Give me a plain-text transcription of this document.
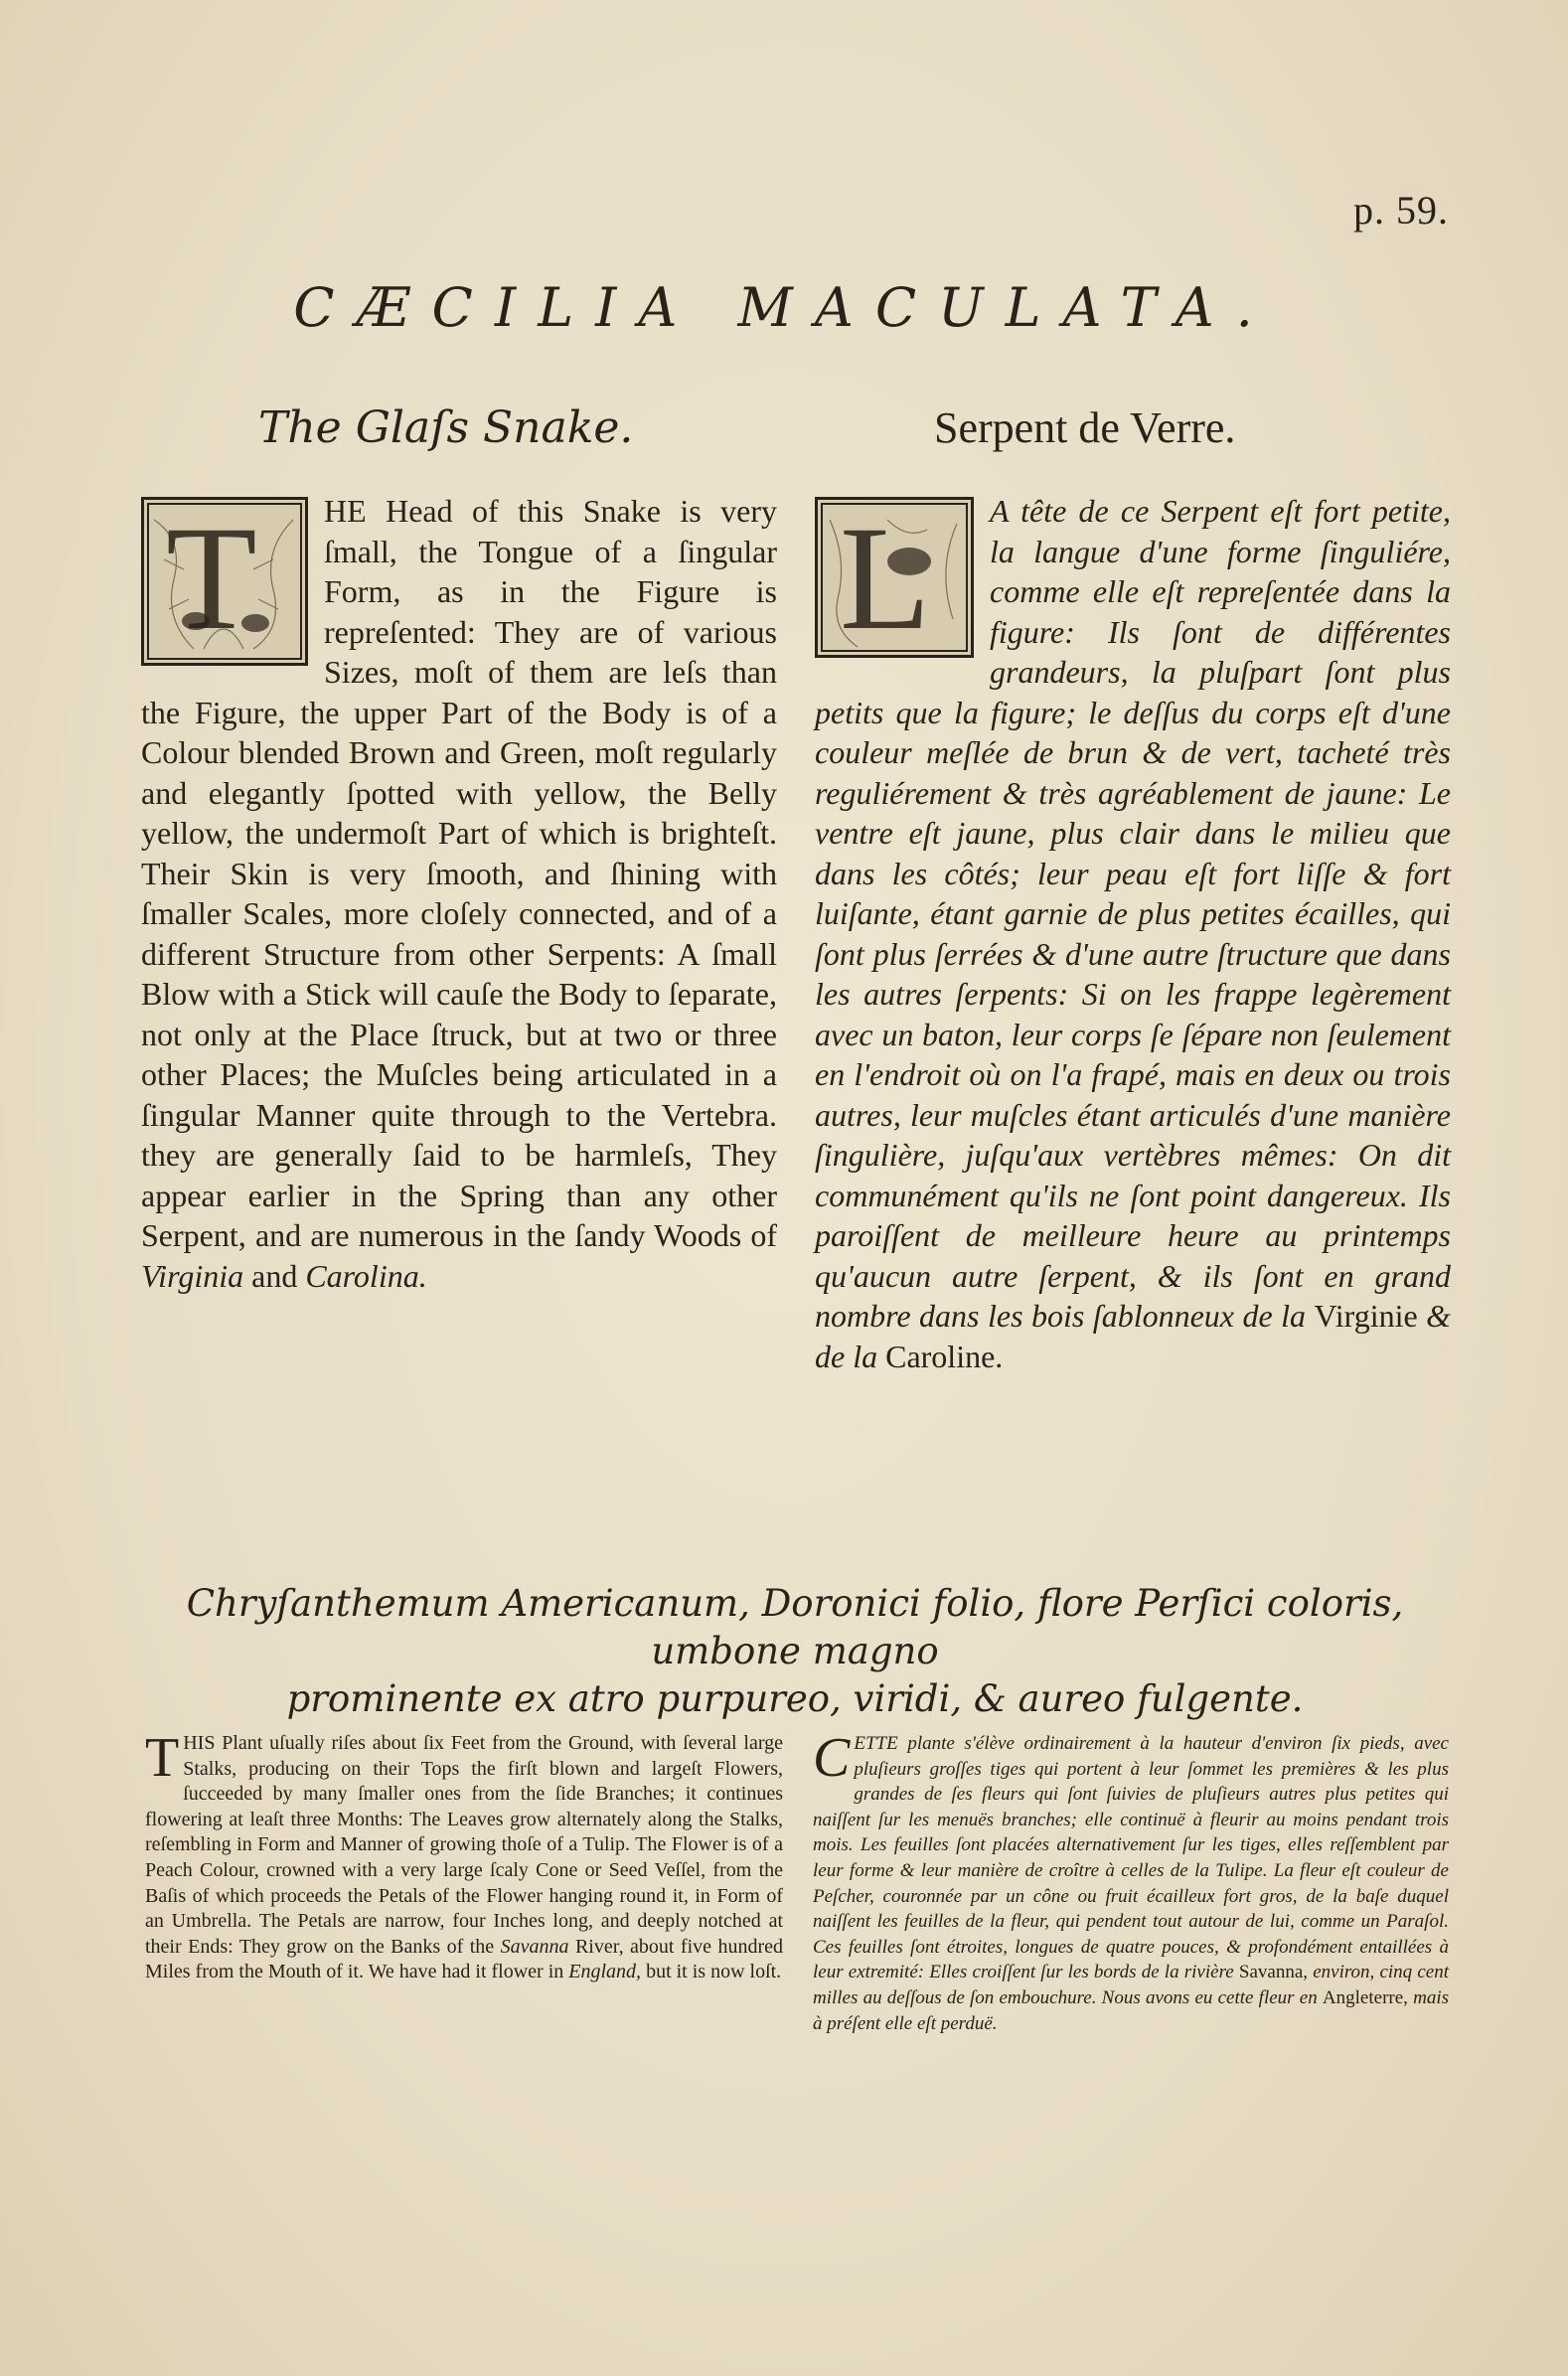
p. 59.
CÆCILIA MACULATA.
The Glaſs Snake.	Serpent de Verre.
T	HE Head of this Snake is very ſmall, the Tongue of a ſingular Form, as in the Figure is repreſented: They are of various Sizes, moſt of them are leſs than the Figure, the upper Part of the Body is of a Colour blended Brown and Green, moſt regularly and elegantly ſpotted with yellow, the Belly yellow, the undermoſt Part of which is brighteſt. Their Skin is very ſmooth, and ſhining with ſmaller Scales, more cloſely connected, and of a different Structure from other Serpents: A ſmall Blow with a Stick will cauſe the Body to ſeparate, not only at the Place ſtruck, but at two or three other Places; the Muſcles being articulated in a ſingular Manner quite through to the Vertebra. they are generally ſaid to be harmleſs, They appear earlier in the Spring than any other Serpent, and are numerous in the ſandy Woods of Virginia and Carolina.

L	A tête de ce Serpent eſt fort petite, la langue d'une forme ſinguliére, comme elle eſt repreſentée dans la figure: Ils ſont de différentes grandeurs, la pluſpart ſont plus petits que la figure; le deſſus du corps eſt d'une couleur meſlée de brun & de vert, tacheté très reguliérement & très agréablement de jaune: Le ventre eſt jaune, plus clair dans le milieu que dans les côtés; leur peau eſt fort liſſe & fort luiſante, étant garnie de plus petites écailles, qui ſont plus ſerrées & d'une autre ſtructure que dans les autres ſerpents: Si on les frappe legèrement avec un baton, leur corps ſe ſépare non ſeulement en l'endroit où on l'a frapé, mais en deux ou trois autres, leur muſcles étant articulés d'une manière ſingulière, juſqu'aux vertèbres mêmes: On dit communément qu'ils ne ſont point dangereux. Ils paroiſſent de meilleure heure au printemps qu'aucun autre ſerpent, & ils ſont en grand nombre dans les bois ſablonneux de la Virginie & de la Caroline.

Chryſanthemum Americanum, Doronici folio, flore Perſici coloris, umbone magno
prominente ex atro purpureo, viridi, & aureo fulgente.

THIS Plant uſually riſes about ſix Feet from the Ground, with ſeveral large Stalks, producing on their Tops the firſt blown and largeſt Flowers, ſucceeded by many ſmaller ones from the ſide Branches; it continues flowering at leaſt three Months: The Leaves grow alternately along the Stalks, reſembling in Form and Manner of growing thoſe of a Tulip. The Flower is of a Peach Colour, crowned with a very large ſcaly Cone or Seed Veſſel, from the Baſis of which proceeds the Petals of the Flower hanging round it, in Form of an Umbrella. The Petals are narrow, four Inches long, and deeply notched at their Ends: They grow on the Banks of the Savanna River, about five hundred Miles from the Mouth of it. We have had it flower in England, but it is now loſt.

CETTE plante s'élève ordinairement à la hauteur d'environ ſix pieds, avec pluſieurs groſſes tiges qui portent à leur ſommet les premières & les plus grandes de ſes fleurs qui ſont ſuivies de pluſieurs autres plus petites qui naiſſent ſur les menuës branches; elle continuë à fleurir au moins pendant trois mois. Les feuilles ſont placées alternativement ſur les tiges, elles reſſemblent par leur forme & leur manière de croître à celles de la Tulipe. La fleur eſt couleur de Peſcher, couronnée par un cône ou fruit écailleux fort gros, de la baſe duquel naiſſent les feuilles de la fleur, qui pendent tout autour de lui, comme un Paraſol. Ces feuilles ſont étroites, longues de quatre pouces, & profondément entaillées à leur extremité: Elles croiſſent ſur les bords de la rivière Savanna, environ, cinq cent milles au deſſous de ſon embouchure. Nous avons eu cette fleur en Angleterre, mais à préſent elle eſt perduë.
